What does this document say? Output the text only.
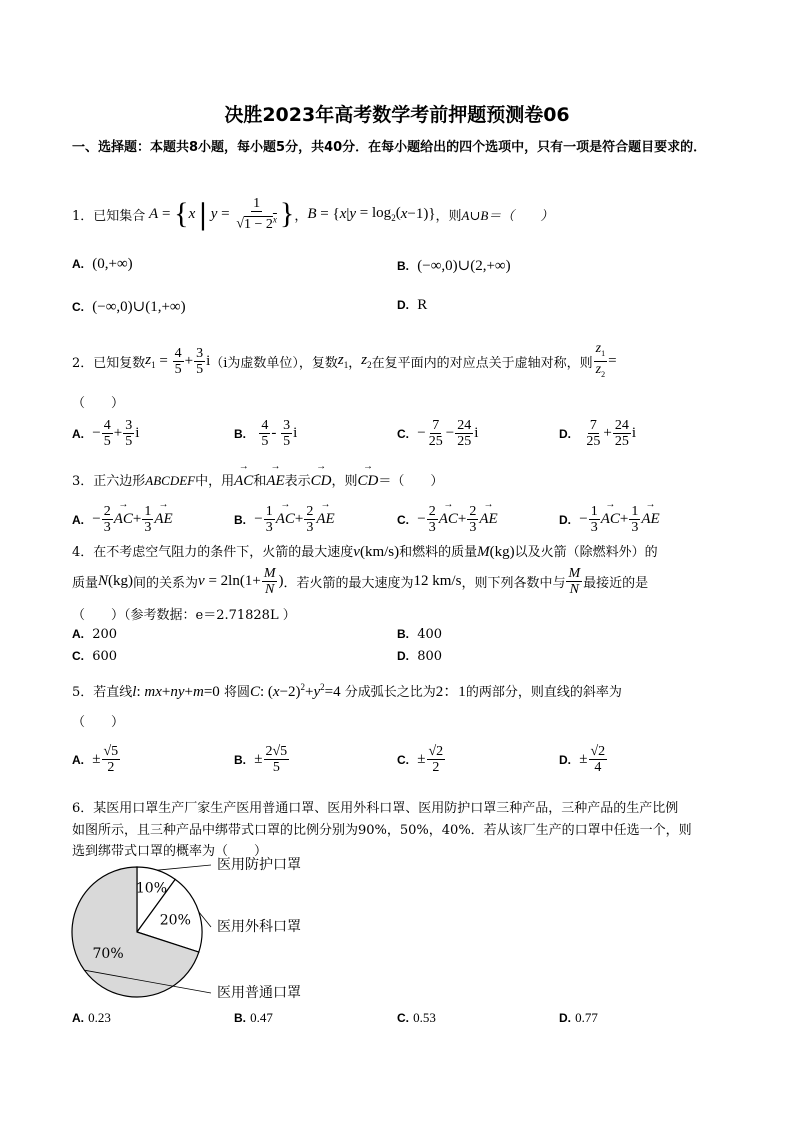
决胜2023年高考数学考前押题预测卷06
一、选择题：本题共8小题，每小题5分，共40分．在每小题给出的四个选项中，只有一项是符合题目要求的．
1．已知集合 A = { x | $y = \frac{1}{√1 - 2^x}$ } ， B = { x | $y = \log_2$( x −1)} ，则 A∪B＝（　　）
A. (0,+∞)	B. (−∞,0)∪(2,+∞)
C. (−∞,0)∪(1,+∞)	D. R
2．已知复数 $z_1 = \frac{4}{5} + \frac{3}{5}$ i （i为虚数单位），复数 $z_1$ ， $z_2$ 在复平面内的对应点关于虚轴对称，则 $\frac{z_1}{z_2}$ =
（　　）
A.
− $\frac{4}{5} + \frac{3}{5}$ i	B.
$\frac{4}{5} - \frac{3}{5}$ i	C.
− $\frac{7}{25} - \frac{24}{25}$ i	D.
$\frac{7}{25} + \frac{24}{25}$ i
3．正六边形ABCDEF中，用→ AC和→ AE表示→ CD，则→ CD＝（　　）
A.
− $\frac{2}{3}$ → AC + $\frac{1}{3}$ → AE	B.
− $\frac{1}{3}$ → AC + $\frac{2}{3}$ → AE	C.
− $\frac{2}{3}$ → AC + $\frac{2}{3}$ → AE	D.
− $\frac{1}{3}$ → AC + $\frac{1}{3}$ → AE
4．在不考虑空气阻力的条件下，火箭的最大速度v(km/s)和燃料的质量M(kg)以及火箭（除燃料外）的
质量 N (kg) 间的关系为 $v = 2\ln(1+ \frac{M}{N}$ ) ．若火箭的最大速度为 12 km/s ，则下列各数中与 $\frac{M}{N}$ 最接近的是
（　　）（参考数据：e＝2.71828L ）
A. 200	B. 400
C. 600	D. 800
5．若直线l: mx+ny+m=0 将圆C: $(x-2)^2+y^2=4$ 分成弧长之比为2：1的两部分，则直线的斜率为
（　　）
A.
± $\frac{√5}{2}$	B.
± $\frac{2√5}{5}$	C.
± $\frac{√2}{2}$	D.
± $\frac{√2}{4}$
6．某医用口罩生产厂家生产医用普通口罩、医用外科口罩、医用防护口罩三种产品，三种产品的生产比例
如图所示，且三种产品中绑带式口罩的比例分别为90%，50%，40%．若从该厂生产的口罩中任选一个，则
选到绑带式口罩的概率为（　　）
10%
医用防护口罩
20% 医用外科口罩
70%
医用普通口罩
A. 0.23	B. 0.47	C. 0.53	D. 0.77
